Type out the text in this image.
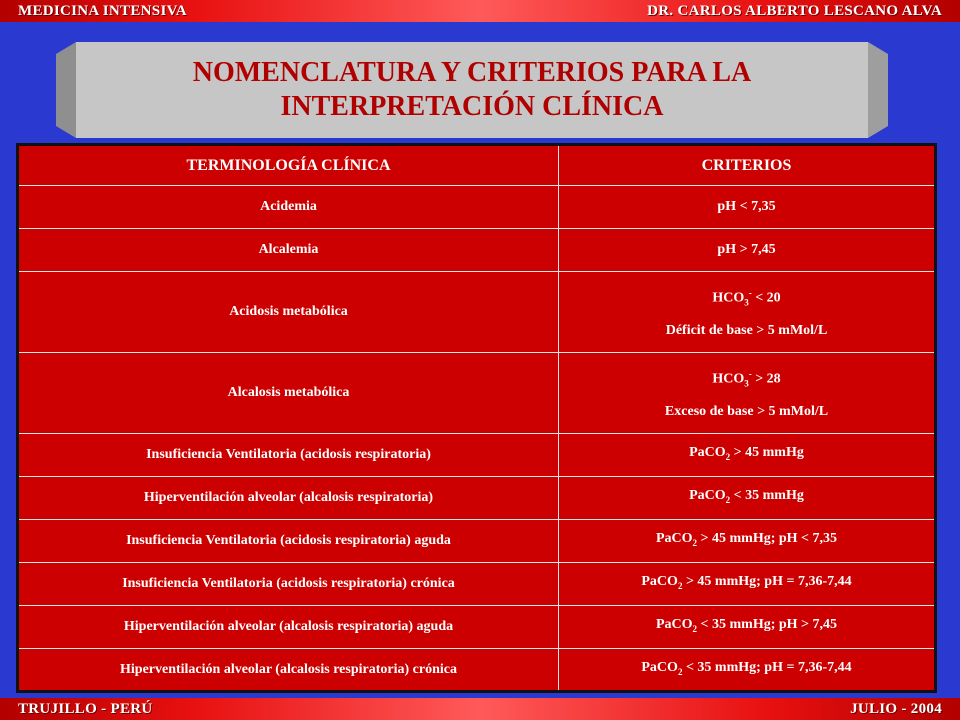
MEDICINA INTENSIVA	DR. CARLOS ALBERTO LESCANO ALVA
NOMENCLATURA Y CRITERIOS PARA LA
INTERPRETACIÓN CLÍNICA
TERMINOLOGÍA CLÍNICA	CRITERIOS
Acidemia	pH < 7,35

Alcalemia	pH > 7,45

Acidosis metabólica	$HCO_3^- < 20$
Déficit de base > 5 mMol/L

Alcalosis metabólica	$HCO_3^- > 28$
Exceso de base > 5 mMol/L

Insuficiencia Ventilatoria (acidosis respiratoria)	PaCO$_2$ > 45 mmHg

Hiperventilación alveolar (alcalosis respiratoria)	PaCO$_2$ < 35 mmHg

Insuficiencia Ventilatoria (acidosis respiratoria) aguda	PaCO$_2$ > 45 mmHg; pH < 7,35

Insuficiencia Ventilatoria (acidosis respiratoria) crónica	PaCO$_2$ > 45 mmHg; pH = 7,36-7,44

Hiperventilación alveolar (alcalosis respiratoria) aguda	PaCO$_2$ < 35 mmHg; pH > 7,45

Hiperventilación alveolar (alcalosis respiratoria) crónica	PaCO$_2$ < 35 mmHg; pH = 7,36-7,44
TRUJILLO - PERÚ	JULIO - 2004
